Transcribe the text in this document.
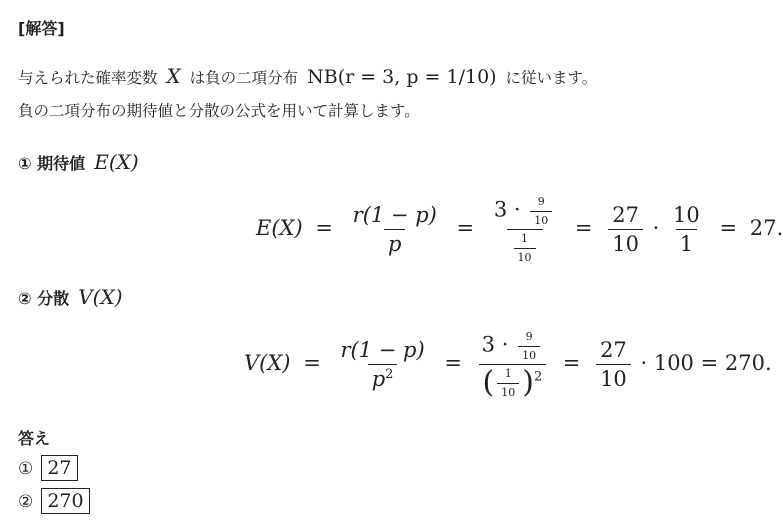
[解答]
与えられた確率変数 X は負の二項分布 NB(r = 3, p = 1/10) に従います。
負の二項分布の期待値と分散の公式を用いて計算します。
① 期待値 E(X)
$E(X) = \frac{r(1 - p)}{p} = \frac{3 \cdot \frac{9}{10}}{\frac{1}{10}} = \frac{27}{10} \cdot \frac{10}{1} = 27$.
② 分散 V(X)
$V(X) = \frac{r(1 - p)}{p^2} = \frac{3 \cdot \frac{9}{10}}{( \frac{1}{10} )^2} = \frac{27}{10} \cdot 100 = 270$.
答え
① 27
② 270
